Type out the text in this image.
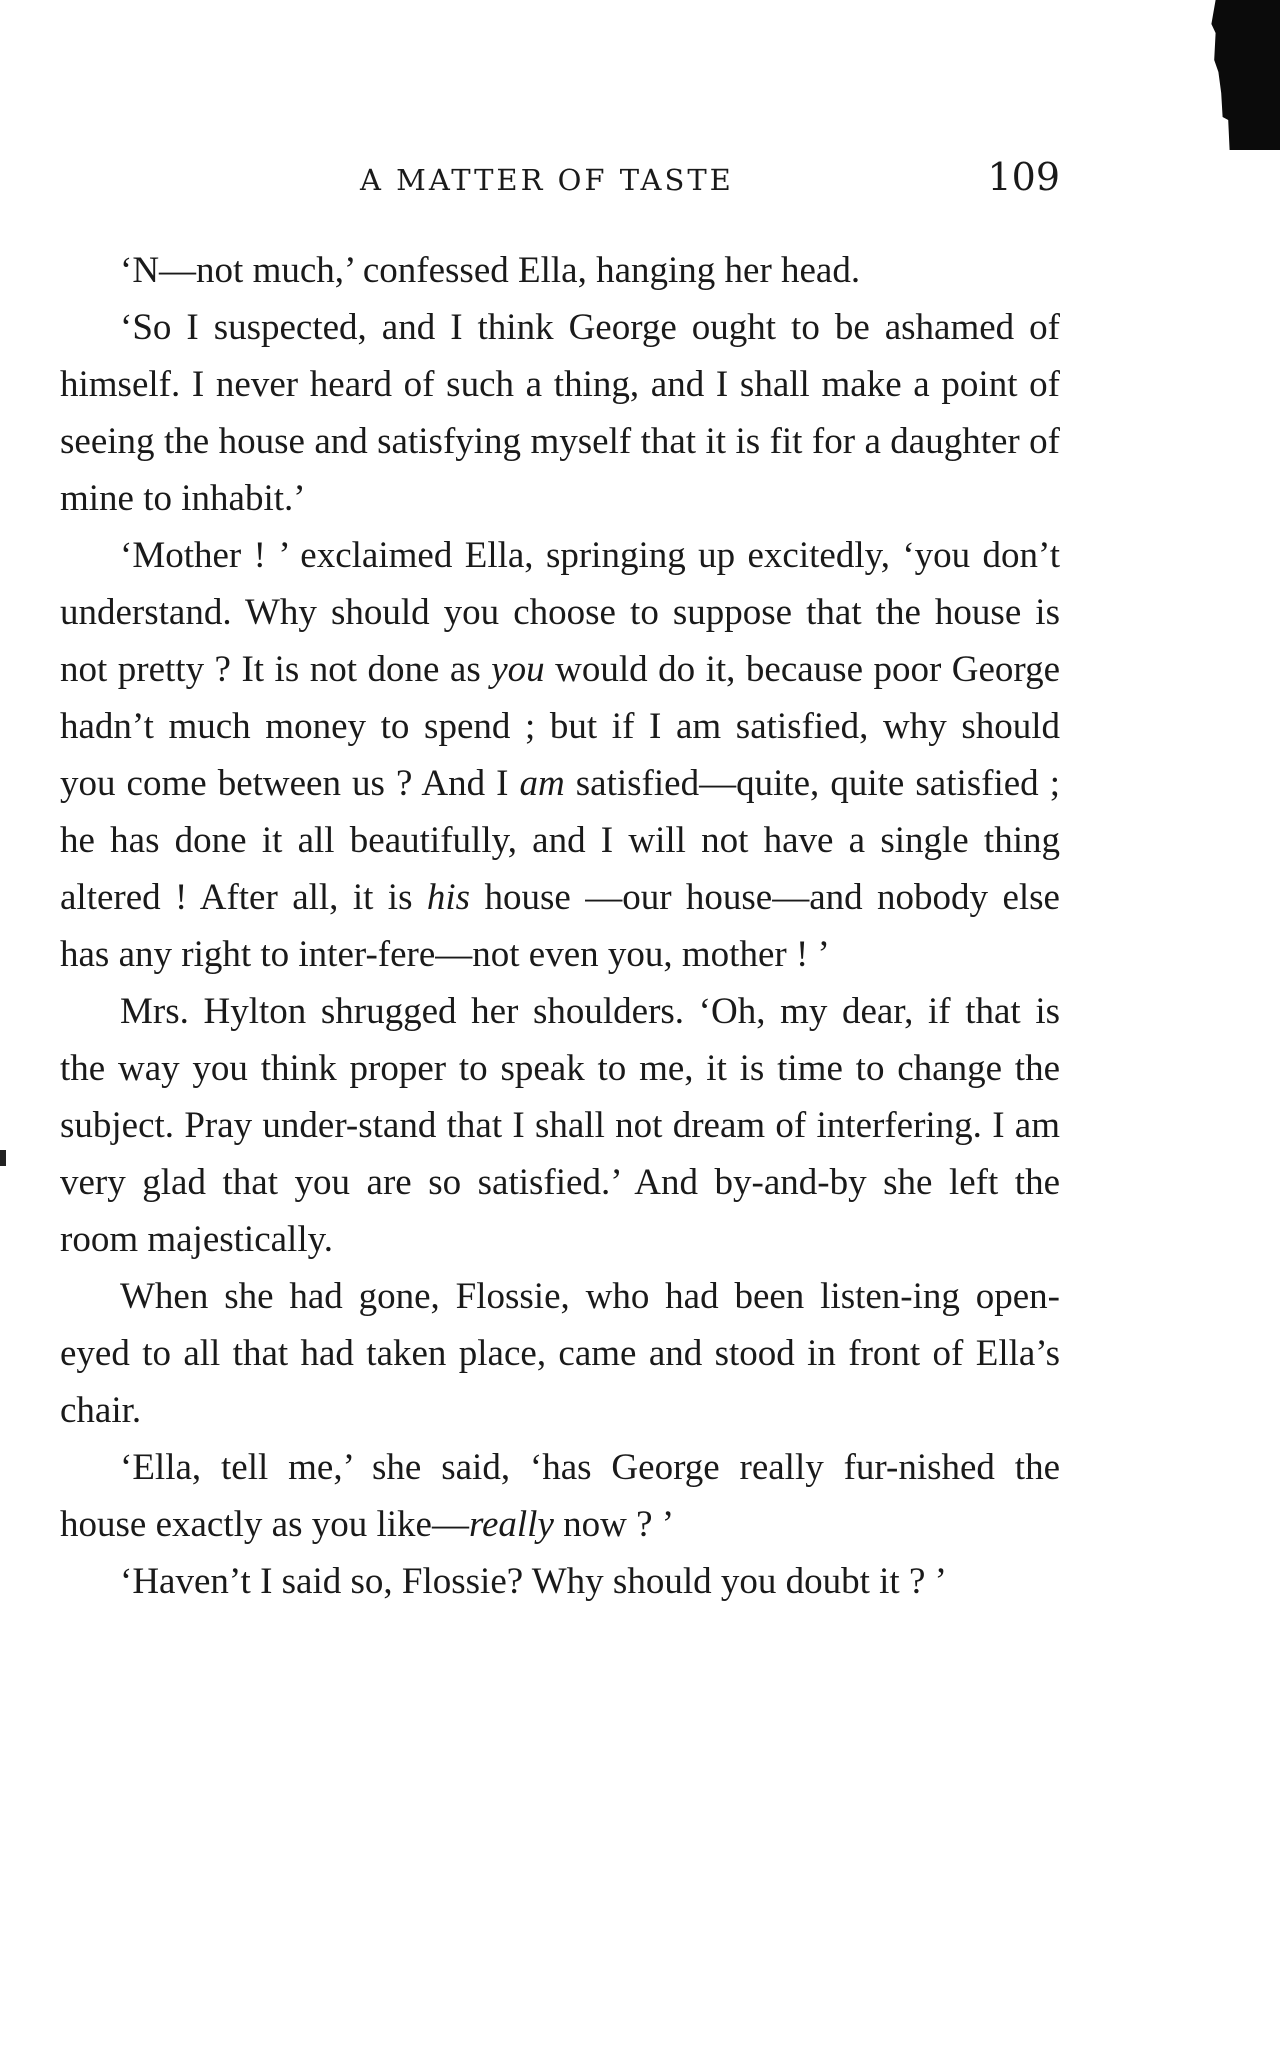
A MATTER OF TASTE	109

‘N—not much,’ confessed Ella, hanging her head.

‘So I suspected, and I think George ought to be ashamed of himself. I never heard of such a thing, and I shall make a point of seeing the house and satisfying myself that it is fit for a daughter of mine to inhabit.’

‘Mother ! ’ exclaimed Ella, springing up excitedly, ‘you don’t understand. Why should you choose to suppose that the house is not pretty ? It is not done as you would do it, because poor George hadn’t much money to spend ; but if I am satisfied, why should you come between us ? And I am satisfied—quite, quite satisfied ; he has done it all beautifully, and I will not have a single thing altered ! After all, it is his house —our house—and nobody else has any right to inter-fere—not even you, mother ! ’

Mrs. Hylton shrugged her shoulders. ‘Oh, my dear, if that is the way you think proper to speak to me, it is time to change the subject. Pray under-stand that I shall not dream of interfering. I am very glad that you are so satisfied.’ And by-and-by she left the room majestically.

When she had gone, Flossie, who had been listen-ing open-eyed to all that had taken place, came and stood in front of Ella’s chair.

‘Ella, tell me,’ she said, ‘has George really fur-nished the house exactly as you like—really now ? ’

‘Haven’t I said so, Flossie? Why should you doubt it ? ’
